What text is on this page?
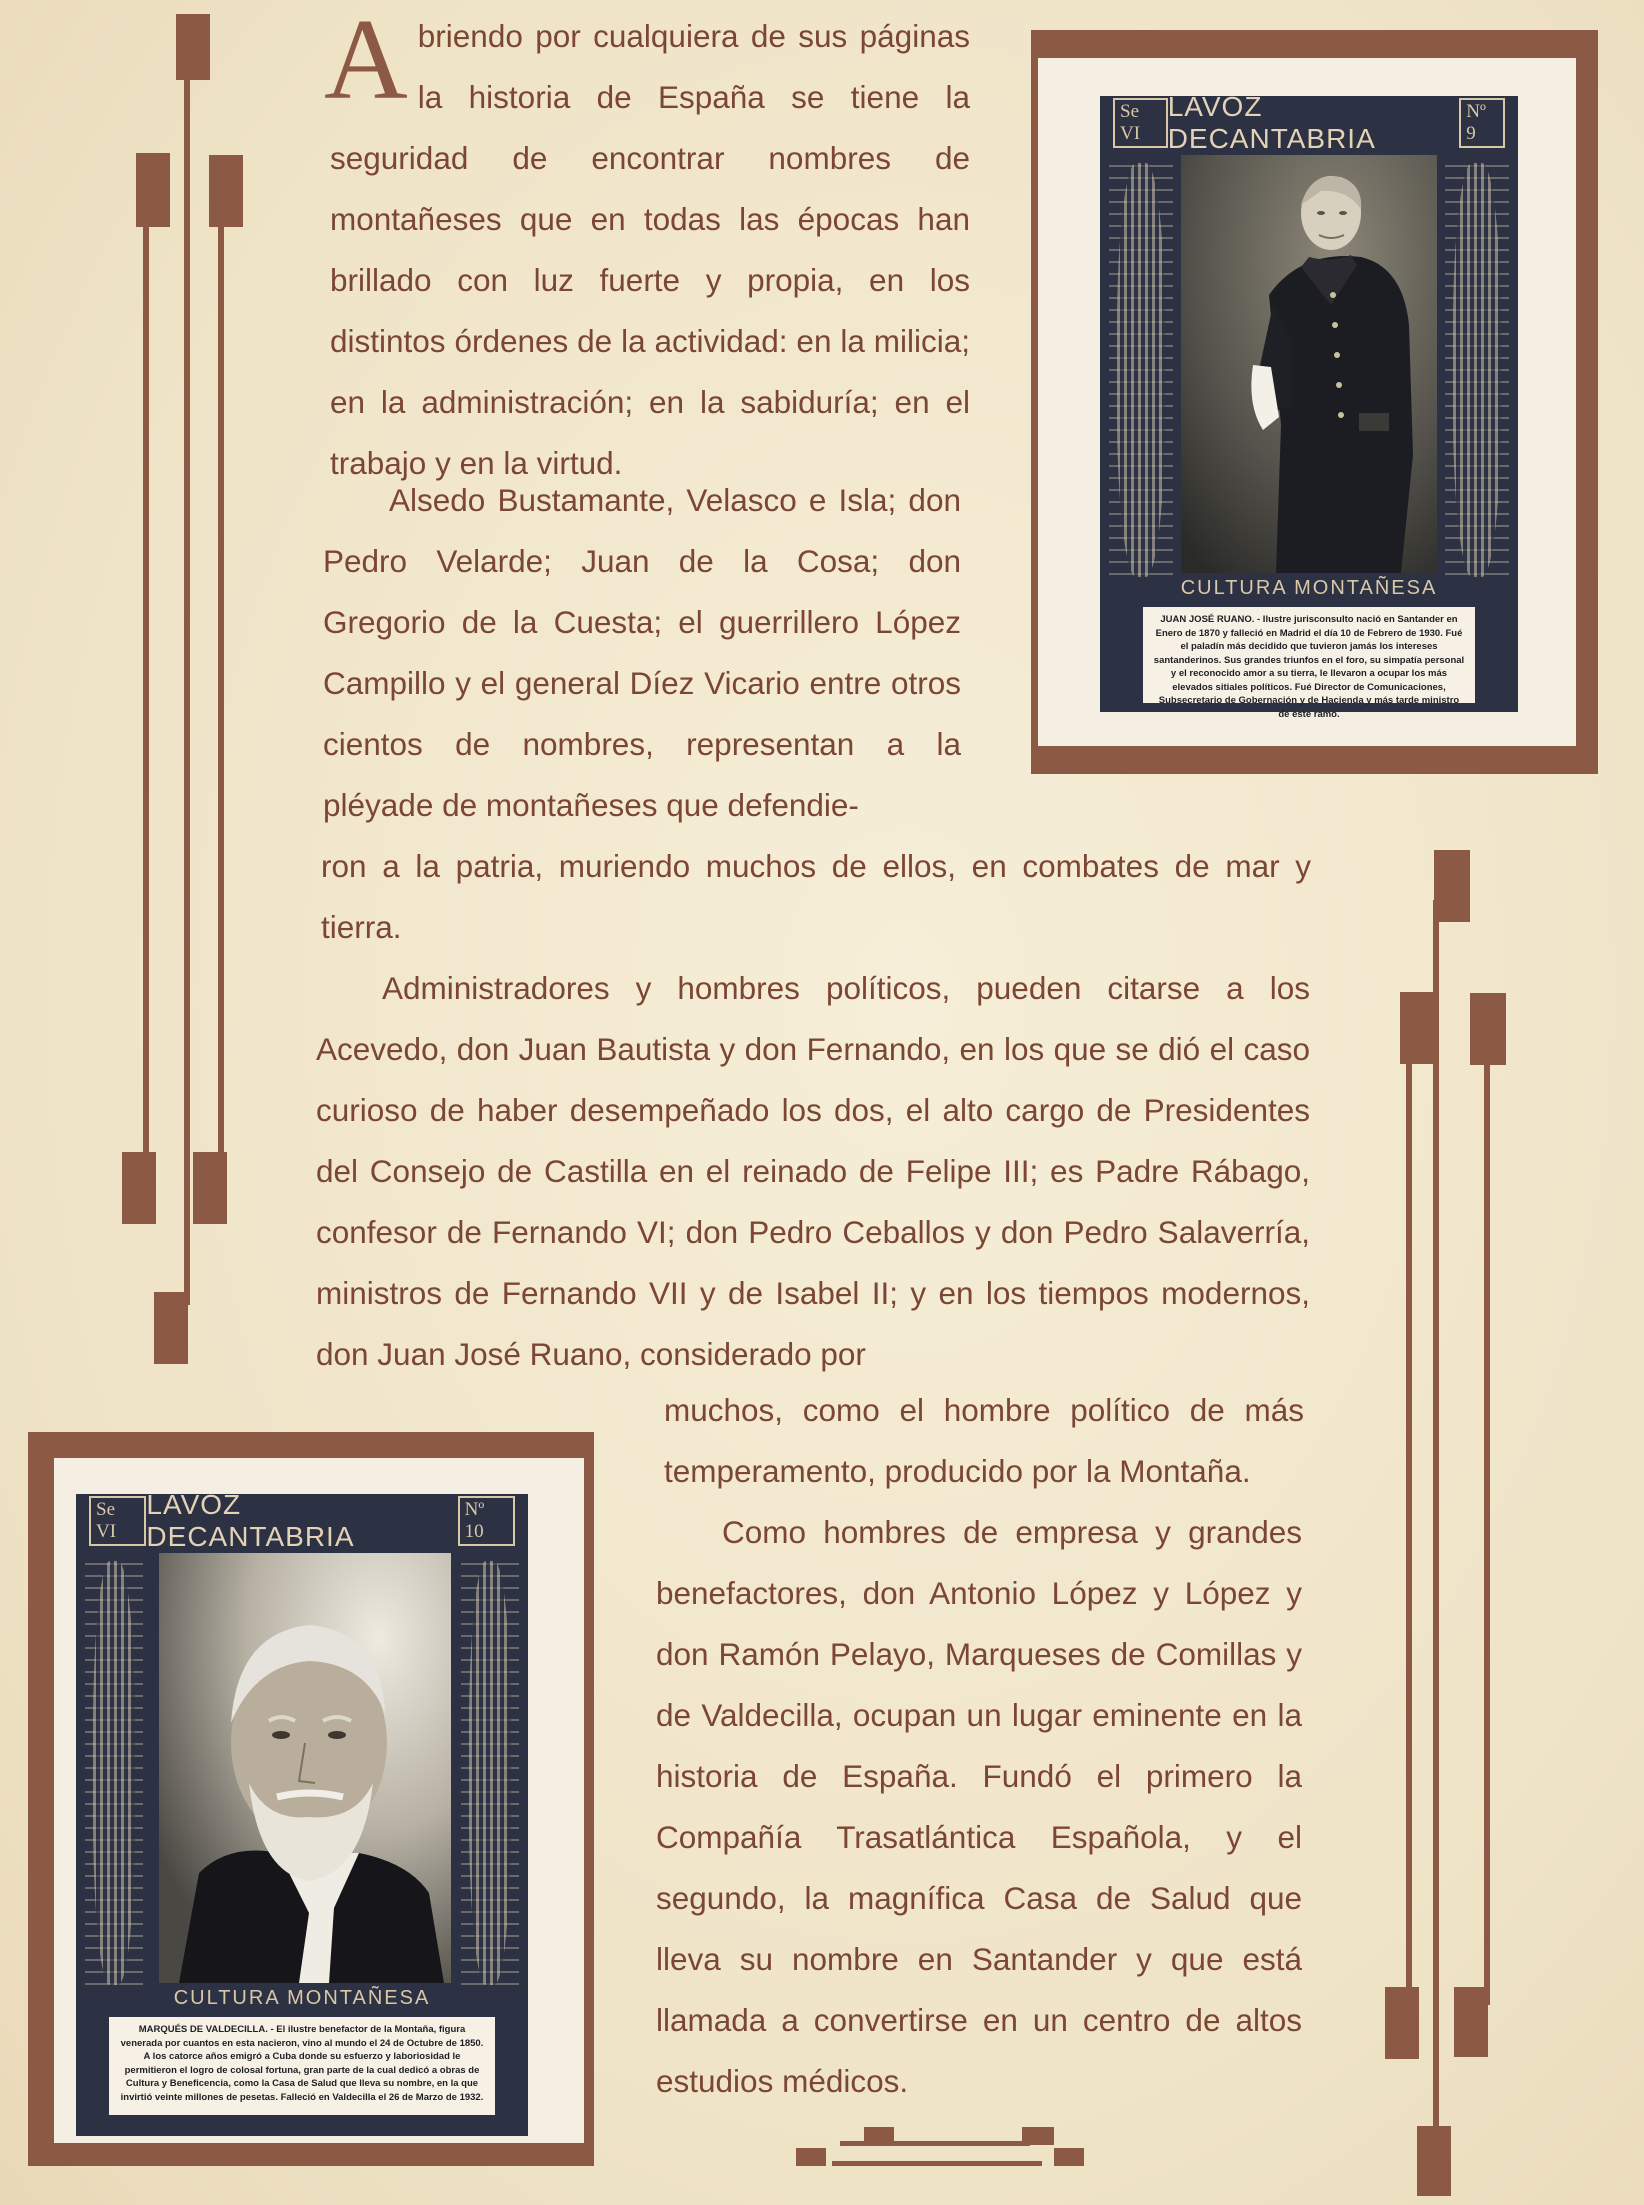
Abriendo por cualquiera de sus páginas la historia de España se tiene la seguridad de encontrar nombres de montañeses que en todas las épocas han brillado con luz fuerte y propia, en los distintos órdenes de la actividad: en la milicia; en la administración; en la sabiduría; en el trabajo y en la virtud.
Alsedo Bustamante, Velasco e Isla; don Pedro Velarde; Juan de la Cosa; don Gregorio de la Cuesta; el guerrillero López Campillo y el general Díez Vicario entre otros cientos de nombres, representan a la pléyade de montañeses que defendie-
ron a la patria, muriendo muchos de ellos, en combates de mar y tierra.
Administradores y hombres políticos, pueden citarse a los Acevedo, don Juan Bautista y don Fernando, en los que se dió el caso curioso de haber desempeñado los dos, el alto cargo de Presidentes del Consejo de Castilla en el reinado de Felipe III; es Padre Rábago, confesor de Fernando VI; don Pedro Ceballos y don Pedro Salaverría, ministros de Fernando VII y de Isabel II; y en los tiempos modernos, don Juan José Ruano, considerado por
muchos, como el hombre político de más temperamento, producido por la Montaña.
Como hombres de empresa y grandes benefactores, don Antonio López y López y don Ramón Pelayo, Marqueses de Comillas y de Valdecilla, ocupan un lugar eminente en la historia de España. Fundó el primero la Compañía Trasatlántica Española, y el segundo, la magnífica Casa de Salud que lleva su nombre en Santander y que está llamada a convertirse en un centro de altos estudios médicos.
Se VI
LAVOZ DECANTABRIA
Nº 9
CULTURA MONTAÑESA
JUAN JOSÉ RUANO. - Ilustre jurisconsulto nació en Santander en Enero de 1870 y falleció en Madrid el día 10 de Febrero de 1930. Fué el paladín más decidido que tuvieron jamás los intereses santanderinos. Sus grandes triunfos en el foro, su simpatía personal y el reconocido amor a su tierra, le llevaron a ocupar los más elevados sitiales políticos. Fué Director de Comunicaciones, Subsecretario de Gobernación y de Hacienda y más tarde ministro de este ramo.
Se VI
LAVOZ DECANTABRIA
Nº 10
CULTURA MONTAÑESA
MARQUÉS DE VALDECILLA. - El ilustre benefactor de la Montaña, figura venerada por cuantos en esta nacieron, vino al mundo el 24 de Octubre de 1850. A los catorce años emigró a Cuba donde su esfuerzo y laboriosidad le permitieron el logro de colosal fortuna, gran parte de la cual dedicó a obras de Cultura y Beneficencia, como la Casa de Salud que lleva su nombre, en la que invirtió veinte millones de pesetas. Falleció en Valdecilla el 26 de Marzo de 1932.
